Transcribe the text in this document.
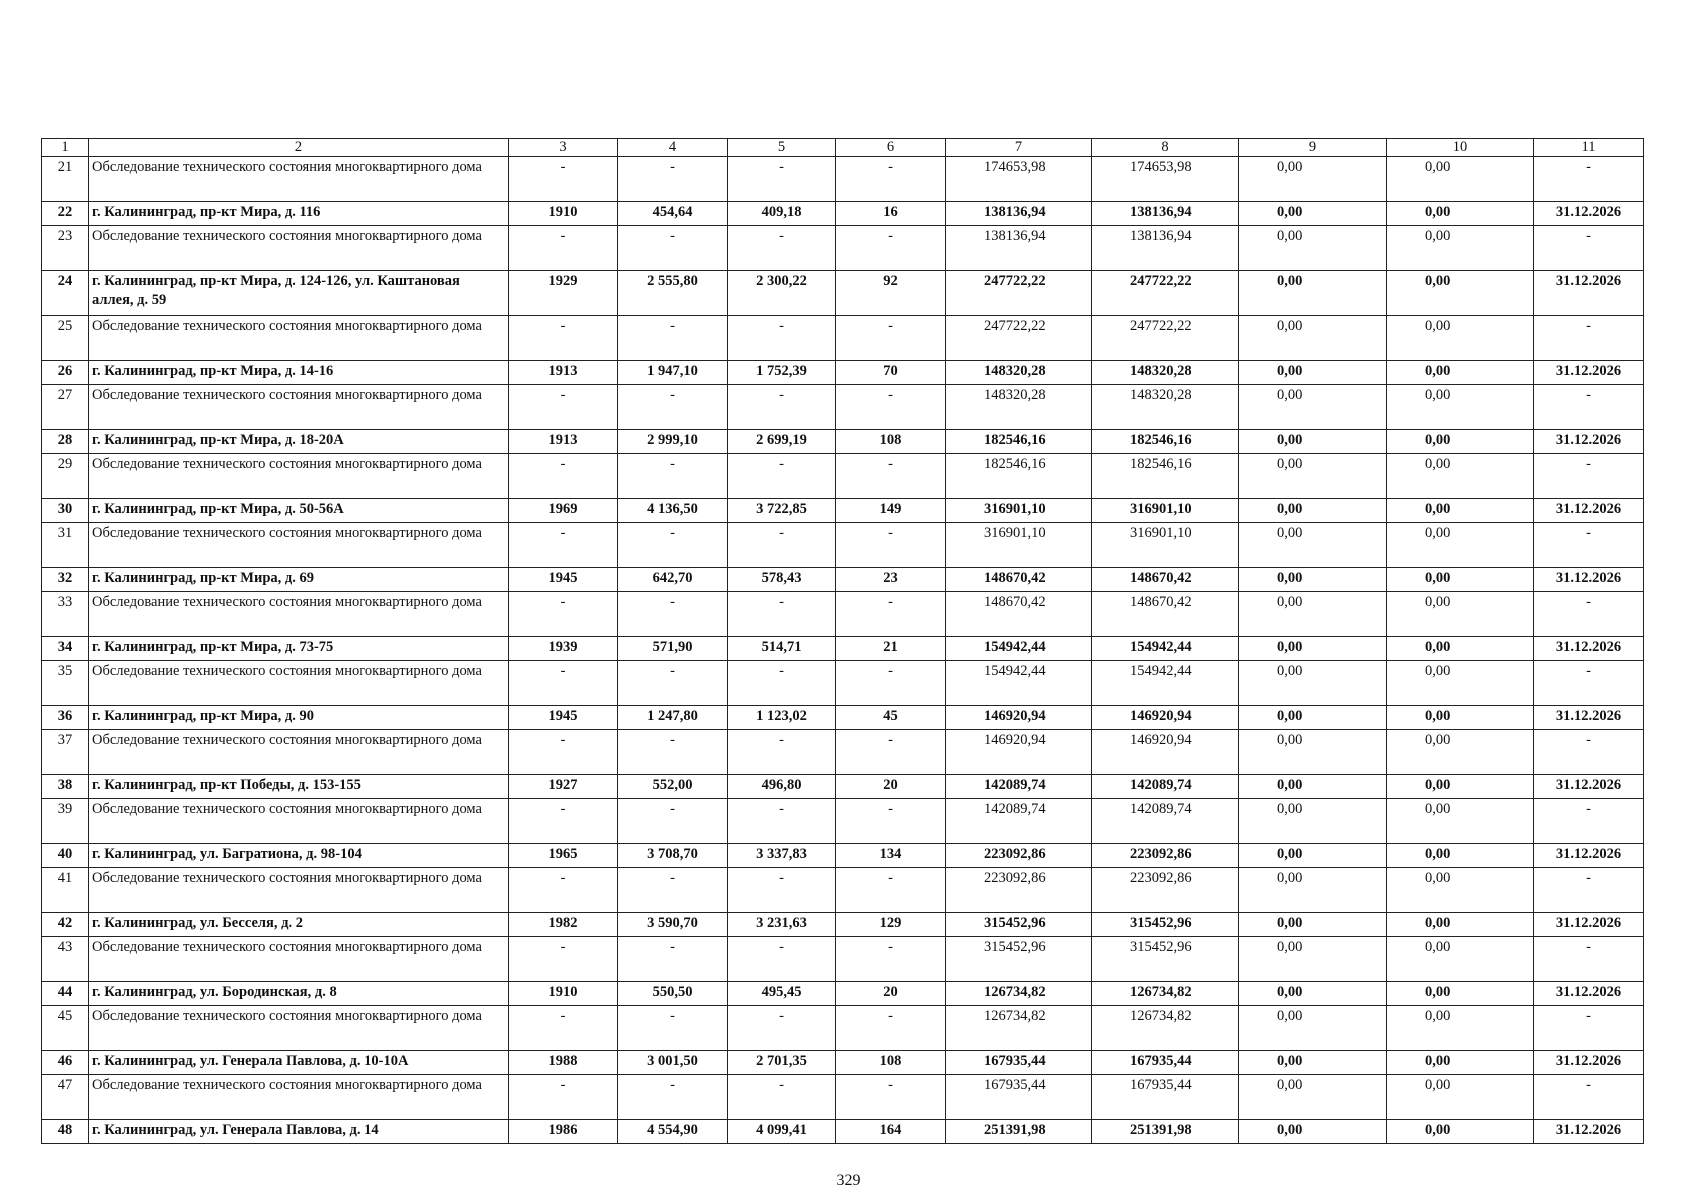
1	2	3	4	5	6	7	8	9	10	11
21	Обследование технического состояния многоквартирного дома	-	-	-	-	174653,98	174653,98	0,00	0,00	-
22	г. Калининград, пр-кт Мира, д. 116	1910	454,64	409,18	16	138136,94	138136,94	0,00	0,00	31.12.2026
23	Обследование технического состояния многоквартирного дома	-	-	-	-	138136,94	138136,94	0,00	0,00	-
24	г. Калининград, пр-кт Мира, д. 124-126, ул. Каштановая аллея, д. 59	1929	2 555,80	2 300,22	92	247722,22	247722,22	0,00	0,00	31.12.2026
25	Обследование технического состояния многоквартирного дома	-	-	-	-	247722,22	247722,22	0,00	0,00	-
26	г. Калининград, пр-кт Мира, д. 14-16	1913	1 947,10	1 752,39	70	148320,28	148320,28	0,00	0,00	31.12.2026
27	Обследование технического состояния многоквартирного дома	-	-	-	-	148320,28	148320,28	0,00	0,00	-
28	г. Калининград, пр-кт Мира, д. 18-20А	1913	2 999,10	2 699,19	108	182546,16	182546,16	0,00	0,00	31.12.2026
29	Обследование технического состояния многоквартирного дома	-	-	-	-	182546,16	182546,16	0,00	0,00	-
30	г. Калининград, пр-кт Мира, д. 50-56А	1969	4 136,50	3 722,85	149	316901,10	316901,10	0,00	0,00	31.12.2026
31	Обследование технического состояния многоквартирного дома	-	-	-	-	316901,10	316901,10	0,00	0,00	-
32	г. Калининград, пр-кт Мира, д. 69	1945	642,70	578,43	23	148670,42	148670,42	0,00	0,00	31.12.2026
33	Обследование технического состояния многоквартирного дома	-	-	-	-	148670,42	148670,42	0,00	0,00	-
34	г. Калининград, пр-кт Мира, д. 73-75	1939	571,90	514,71	21	154942,44	154942,44	0,00	0,00	31.12.2026
35	Обследование технического состояния многоквартирного дома	-	-	-	-	154942,44	154942,44	0,00	0,00	-
36	г. Калининград, пр-кт Мира, д. 90	1945	1 247,80	1 123,02	45	146920,94	146920,94	0,00	0,00	31.12.2026
37	Обследование технического состояния многоквартирного дома	-	-	-	-	146920,94	146920,94	0,00	0,00	-
38	г. Калининград, пр-кт Победы, д. 153-155	1927	552,00	496,80	20	142089,74	142089,74	0,00	0,00	31.12.2026
39	Обследование технического состояния многоквартирного дома	-	-	-	-	142089,74	142089,74	0,00	0,00	-
40	г. Калининград, ул. Багратиона, д. 98-104	1965	3 708,70	3 337,83	134	223092,86	223092,86	0,00	0,00	31.12.2026
41	Обследование технического состояния многоквартирного дома	-	-	-	-	223092,86	223092,86	0,00	0,00	-
42	г. Калининград, ул. Бесселя, д. 2	1982	3 590,70	3 231,63	129	315452,96	315452,96	0,00	0,00	31.12.2026
43	Обследование технического состояния многоквартирного дома	-	-	-	-	315452,96	315452,96	0,00	0,00	-
44	г. Калининград, ул. Бородинская, д. 8	1910	550,50	495,45	20	126734,82	126734,82	0,00	0,00	31.12.2026
45	Обследование технического состояния многоквартирного дома	-	-	-	-	126734,82	126734,82	0,00	0,00	-
46	г. Калининград, ул. Генерала Павлова, д. 10-10А	1988	3 001,50	2 701,35	108	167935,44	167935,44	0,00	0,00	31.12.2026
47	Обследование технического состояния многоквартирного дома	-	-	-	-	167935,44	167935,44	0,00	0,00	-
48	г. Калининград, ул. Генерала Павлова, д. 14	1986	4 554,90	4 099,41	164	251391,98	251391,98	0,00	0,00	31.12.2026
329
